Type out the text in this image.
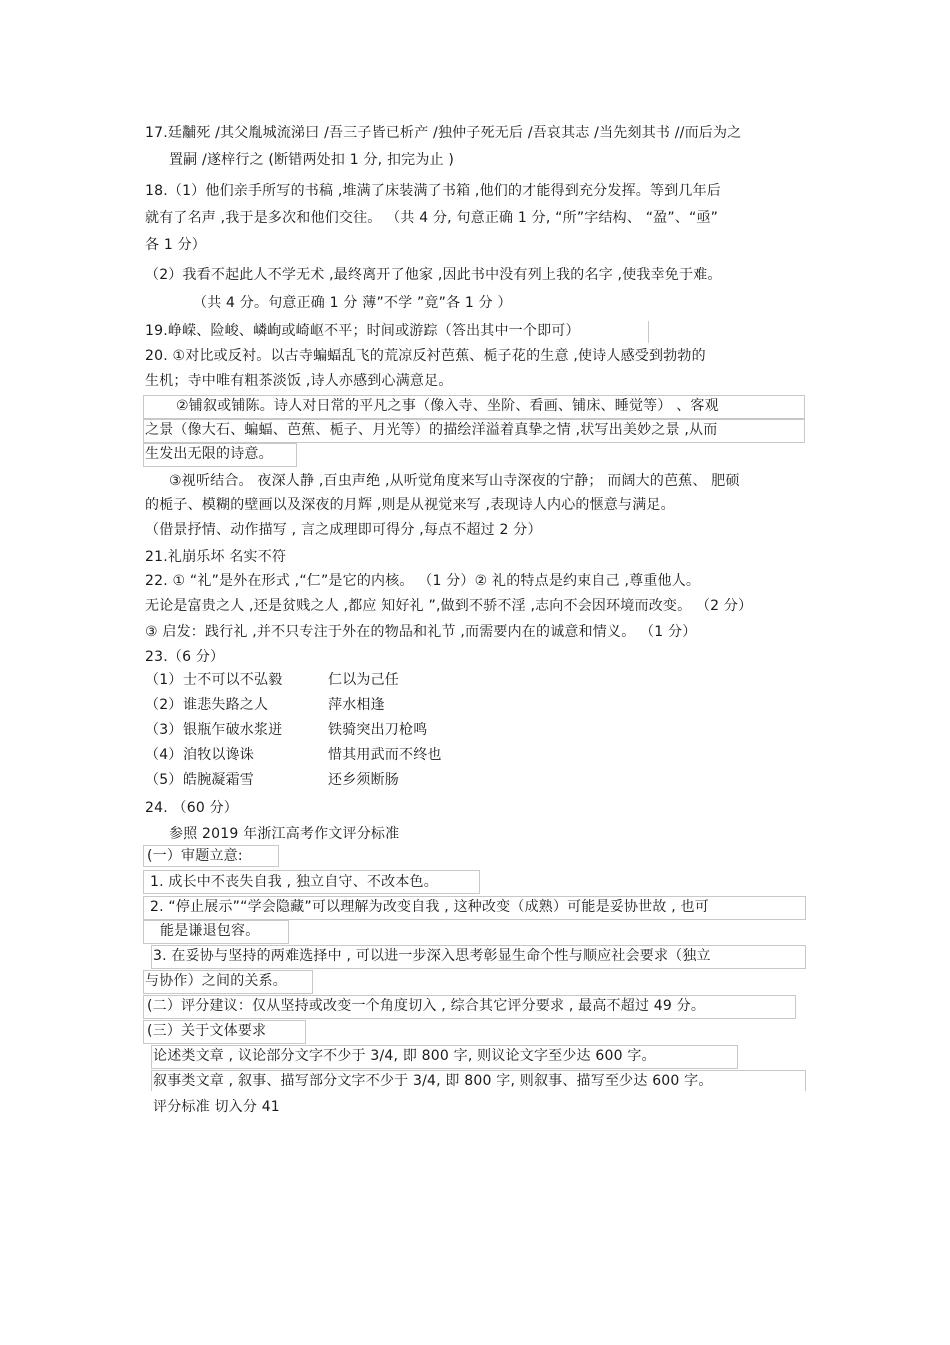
17.廷黼死 /其父胤城流涕曰 /吾三子皆已析产 /独仲子死无后 /吾哀其志 /当先刻其书 //而后为之
置嗣 /遂梓行之 (断错两处扣 1 分, 扣完为止 )
18.（1）他们亲手所写的书稿 ,堆满了床装满了书箱 ,他们的才能得到充分发挥。等到几年后
就有了名声 ,我于是多次和他们交往。 （共 4 分, 句意正确 1 分, “所”字结构、 “盈”、“亟”
各 1 分）
（2）我看不起此人不学无术 ,最终离开了他家 ,因此书中没有列上我的名字 ,使我幸免于难。
（共 4 分。句意正确 1 分 薄”不学 ”竟”各 1 分 ）
19.峥嵘、险峻、嶙峋或崎岖不平；时间或游踪（答出其中一个即可）
20. ①对比或反衬。以古寺蝙蝠乱飞的荒凉反衬芭蕉、栀子花的生意 ,使诗人感受到勃勃的
生机；寺中唯有粗茶淡饭 ,诗人亦感到心满意足。
②铺叙或铺陈。诗人对日常的平凡之事（像入寺、坐阶、看画、铺床、睡觉等） 、客观
之景（像大石、蝙蝠、芭蕉、栀子、月光等）的描绘洋溢着真挚之情 ,状写出美妙之景 ,从而
生发出无限的诗意。
③视听结合。 夜深人静 ,百虫声绝 ,从听觉角度来写山寺深夜的宁静； 而阔大的芭蕉、 肥硕
的栀子、模糊的壁画以及深夜的月辉 ,则是从视觉来写 ,表现诗人内心的惬意与满足。
（借景抒情、动作描写 , 言之成理即可得分 ,每点不超过 2 分）
21.礼崩乐坏 名实不符
22. ① “礼”是外在形式 ,“仁”是它的内核。 （1 分）② 礼的特点是约束自己 ,尊重他人。
无论是富贵之人 ,还是贫贱之人 ,都应 知好礼 ”,做到不骄不淫 ,志向不会因环境而改变。 （2 分）
③ 启发：践行礼 ,并不只专注于外在的物品和礼节 ,而需要内在的诚意和情义。 （1 分）
23.（6 分）
（1） 士不可以不弘毅	仁以为己任
（2） 谁悲失路之人	萍水相逢
（3） 银瓶乍破水浆迸	铁骑突出刀枪鸣
（4） 洎牧以谗诛	惜其用武而不终也
（5） 皓腕凝霜雪	还乡须断肠
24. （60 分）
参照 2019 年浙江高考作文评分标准
(一）审题立意:
1. 成长中不丧失自我 , 独立自守、不改本色。
2. “停止展示”“学会隐藏”可以理解为改变自我 , 这种改变（成熟）可能是妥协世故 , 也可
能是谦退包容。
3. 在妥协与坚持的两难选择中 , 可以进一步深入思考彰显生命个性与顺应社会要求（独立
与协作）之间的关系。
(二）评分建议：仅从坚持或改变一个角度切入 , 综合其它评分要求 , 最高不超过 49 分。
(三）关于文体要求
论述类文章 , 议论部分文字不少于 3/4, 即 800 字, 则议论文字至少达 600 字。
叙事类文章 , 叙事、描写部分文字不少于 3/4, 即 800 字, 则叙事、描写至少达 600 字。
评分标准 切入分 41
